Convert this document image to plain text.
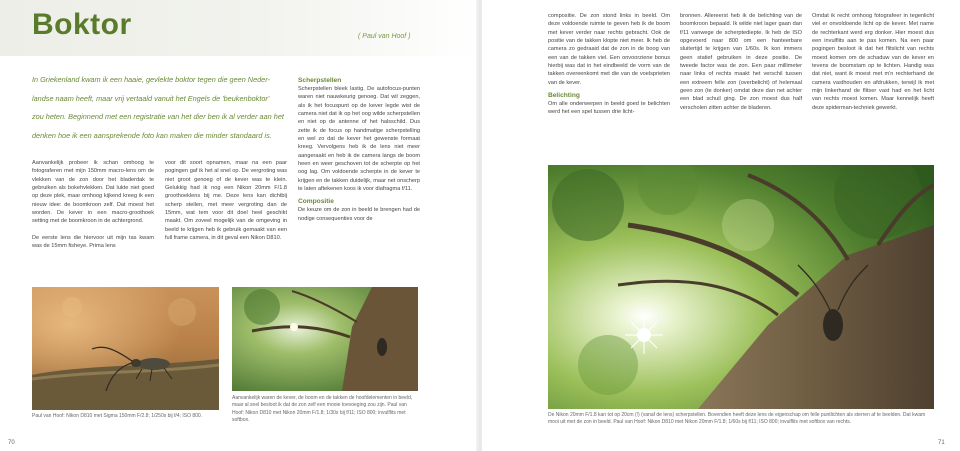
Boktor	( Paul van Hoof )
In Griekenland kwam ik een haaie, gevlekte boktor tegen die geen Neder-
landse naam heeft, maar vrij vertaald vanuit het Engels de 'beukenboktor'
zou heten. Beginnend met een registratie van het dier ben ik al verder aan het
denken hoe ik een aansprekende foto kan maken die minder standaard is.

Aanvankelijk probeer ik schan omhoog te fotograferen met mijn 150mm macro-lens om de vlekken van de zon door het bladerdak te gebruiken als bokehvlekken. Dat lukte niet goed op deze plek, maar omhoog kijkend kreeg ik een nieuw idee: de boomkroon zelf. Dat moest het worden. De kever in een macro-groothoek setting met de boomkroon in de achtergrond.

De eerste lens die hiervoor uit mijn tas kwam was de 15mm fisheye. Prima lens

voor dit soort opnamen, maar na een paar pogingen gaf ik het al snel op. De vergroting was niet groot genoeg of de kever was te klein. Gelukkig had ik nog een Nikon 20mm F/1.8 groothoeklens bij me. Deze lens kan dichtbij scherp stellen, met meer vergroting dan de 15mm, wat tem voor dit doel heel geschikt maakt. Om zoveel mogelijk van de omgeving in beeld te krijgen heb ik gebruik gemaakt van een full frame camera, in dit geval een Nikon D810.

Scherpstellen

Scherpstellen bleek lastig. De autofocus-punten waren niet nauwkeurig genoeg. Dat wil zeggen, als ik het focuspunt op de kever legde wist de camera niet dat ik op het oog wilde scherpstellen en niet op de antenne of het halsschild. Dus zette ik de focus op handmatige scherpstelling en wel zo dat de kever het gewenste formaat kreeg. Vervolgens heb ik de lens niet meer aangeraakt en heb ik de camera langs de boom heen en weer geschoven tot de scherpte op het oog lag. Om voldoende scherpte in de kever te krijgen en de takken duidelijk, maar net onscherp te laten aftekenen koos ik voor diafragma f/11.

Compositie

De keuze om de zon in beeld te brengen had de nodige consequenties voor de

Paul van Hoof: Nikon D810 met Sigma 150mm F/2.8; 1/250s bij f/4; ISO 800.
Aanvankelijk waren de kever, de boom en de takken de hoofdelementen in beeld, maar al snel besloot ik dat de zon zelf een mooie toevoeging zou zijn. Paul van Hoof: Nikon D810 met Nikon 20mm F/1.8; 1/30s bij f/11; ISO 800; invulflits met softbox.
70

compositie. De zon stond links in beeld. Om deze voldoende ruimte te geven heb ik de boom met kever verder naar rechts gebracht. Ook de positie van de takken klopte niet meer. Ik heb de camera zo gedraaid dat de zon in de boog van een van de takken viel. Een onvoorziene bonus hierbij was dat in het eindbeeld de vorm van de takken overeenkomt met die van de voelsprieten van de kever.

Belichting

Om alle onderwerpen in beeld goed te belichten werd het een spel tussen drie licht-

bronnen. Allereerst heb ik de belichting van de boomkroon bepaald. Ik wilde niet lager gaan dan f/11 vanwege de scherptediepte. Ik heb de ISO opgevoerd naar 800 om een hanteerbare sluitertijd te krijgen van 1/60s. Ik kon immers geen statief gebruiken in deze positie. De tweede factor was de zon. Een paar millimeter naar links of rechts maakt het verschil tussen een extreem felle zon (overbelicht) of helemaal geen zon (te donker) omdat deze dan net achter een blad schuil ging. De zon moest dus half verscholen zitten achter de bladeren.

Omdat ik recht omhoog fotografeer in tegenlicht viel er onvoldoende licht op de kever. Met name de rechterkant werd erg donker. Hier moest dus een invulflits aan te pas komen. Na een paar pogingen besloot ik dat het flitslicht van rechts moest komen om de schaduw van de kever en tevens de boomstam op te lichten. Handig was dat niet, want ik moest met m'n rechterhand de camera vasthouden en afdrukken, terwijl ik met mijn linkerhand de flitser vast had en het licht van rechts moest komen. Maar kennelijk heeft deze spiderman-techniek gewerkt.

De Nikon 20mm F/1.8 kan tot op 20cm (!) (vanaf de lens) scherpstellen. Bovendien heeft deze lens de eigenschap om felle puntlichten als sterren af te beelden. Dat kwam mooi uit met de zon in beeld. Paul van Hoof: Nikon D810 met Nikon 20mm F/1.8; 1/60s bij f/11; ISO 800; invulflits met softbox van rechts.
71
